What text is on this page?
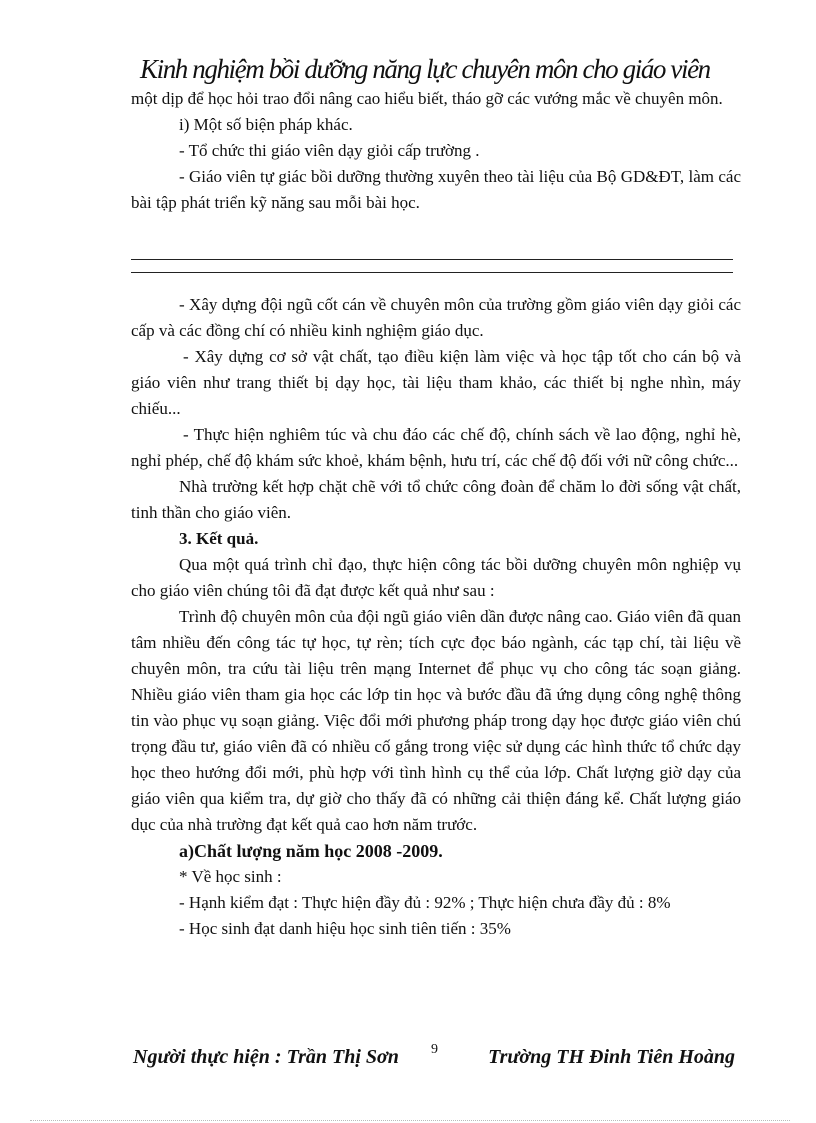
Kinh nghiệm bồi dưỡng năng lực chuyên môn cho giáo viên

một dịp để học hỏi trao đổi nâng cao hiểu biết, tháo gỡ các vướng mắc về chuyên môn.

i) Một số biện pháp khác.

- Tổ chức thi giáo viên dạy giỏi cấp trường .

- Giáo viên tự giác bồi dưỡng thường xuyên theo tài liệu của Bộ GD&ĐT, làm các bài tập phát triển kỹ năng sau mỗi bài học.

- Xây dựng đội ngũ cốt cán về chuyên môn của trường gồm giáo viên dạy giỏi các cấp và các đồng chí có nhiều kinh nghiệm giáo dục.

- Xây dựng cơ sở vật chất, tạo điều kiện làm việc và học tập tốt cho cán bộ và giáo viên như trang thiết bị dạy học, tài liệu tham khảo, các thiết bị nghe nhìn, máy chiếu...

- Thực hiện nghiêm túc và chu đáo các chế độ, chính sách về lao động, nghỉ hè, nghỉ phép, chế độ khám sức khoẻ, khám bệnh, hưu trí, các chế độ đối với nữ công chức...

Nhà trường kết hợp chặt chẽ với tổ chức công đoàn để chăm lo đời sống vật chất, tinh thần cho giáo viên.

3. Kết quả.

Qua một quá trình chỉ đạo, thực hiện công tác bồi dưỡng chuyên môn nghiệp vụ cho giáo viên chúng tôi đã đạt được kết quả như sau :

Trình độ chuyên môn của đội ngũ giáo viên dần được nâng cao. Giáo viên đã quan tâm nhiều đến công tác tự học, tự rèn; tích cực đọc báo ngành, các tạp chí, tài liệu về chuyên môn, tra cứu tài liệu trên mạng Internet để phục vụ cho công tác soạn giảng. Nhiều giáo viên tham gia học các lớp tin học và bước đầu đã ứng dụng công nghệ thông tin vào phục vụ soạn giảng. Việc đổi mới phương pháp trong dạy học được giáo viên chú trọng đầu tư, giáo viên đã có nhiều cố gắng trong việc sử dụng các hình thức tổ chức dạy học theo hướng đổi mới, phù hợp với tình hình cụ thể của lớp. Chất lượng giờ dạy của giáo viên qua kiểm tra, dự giờ cho thấy đã có những cải thiện đáng kể. Chất lượng giáo dục của nhà trường đạt kết quả cao hơn năm trước.

a)Chất lượng năm học 2008 -2009.

* Về học sinh :

- Hạnh kiểm đạt : Thực hiện đầy đủ : 92% ; Thực hiện chưa đầy đủ : 8%

- Học sinh đạt danh hiệu học sinh tiên tiến : 35%

Người thực hiện : Trần Thị Sơn 9	Trường TH Đinh Tiên Hoàng
